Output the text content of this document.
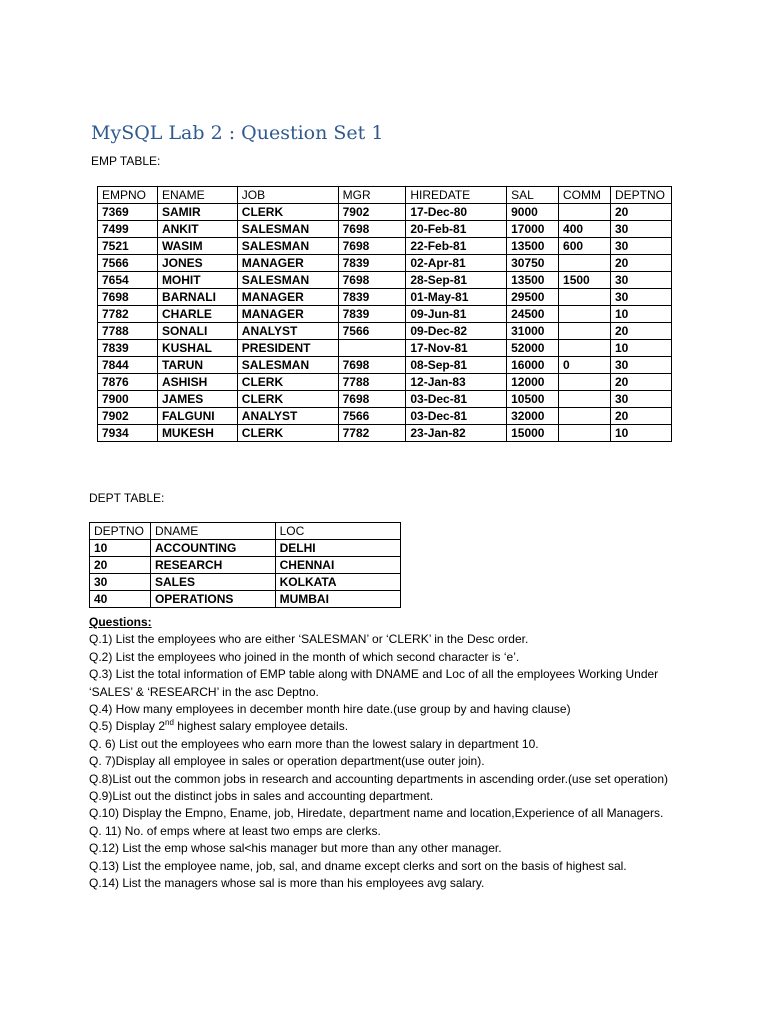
MySQL Lab 2 : Question Set 1
EMP TABLE:
EMPNO	ENAME	JOB	MGR	HIREDATE	SAL	COMM	DEPTNO
7369	SAMIR	CLERK	7902	17-Dec-80	9000		20
7499	ANKIT	SALESMAN	7698	20-Feb-81	17000	400	30
7521	WASIM	SALESMAN	7698	22-Feb-81	13500	600	30
7566	JONES	MANAGER	7839	02-Apr-81	30750		20
7654	MOHIT	SALESMAN	7698	28-Sep-81	13500	1500	30
7698	BARNALI	MANAGER	7839	01-May-81	29500		30
7782	CHARLE	MANAGER	7839	09-Jun-81	24500		10
7788	SONALI	ANALYST	7566	09-Dec-82	31000		20
7839	KUSHAL	PRESIDENT		17-Nov-81	52000		10
7844	TARUN	SALESMAN	7698	08-Sep-81	16000	0	30
7876	ASHISH	CLERK	7788	12-Jan-83	12000		20
7900	JAMES	CLERK	7698	03-Dec-81	10500		30
7902	FALGUNI	ANALYST	7566	03-Dec-81	32000		20
7934	MUKESH	CLERK	7782	23-Jan-82	15000		10
DEPT TABLE:
DEPTNO	DNAME	LOC
10	ACCOUNTING	DELHI
20	RESEARCH	CHENNAI
30	SALES	KOLKATA
40	OPERATIONS	MUMBAI
Questions:

Q.1) List the employees who are either ‘SALESMAN’ or ‘CLERK’ in the Desc order.

Q.2) List the employees who joined in the month of which second character is ‘e’.

Q.3) List the total information of EMP table along with DNAME and Loc of all the employees Working Under ‘SALES’ & ‘RESEARCH’ in the asc Deptno.

Q.4) How many employees in december month hire date.(use group by and having clause)

Q.5) Display 2nd highest salary employee details.

Q. 6) List out the employees who earn more than the lowest salary in department 10.

Q. 7)Display all employee in sales or operation department(use outer join).

Q.8)List out the common jobs in research and accounting departments in ascending order.(use set operation)

Q.9)List out the distinct jobs in sales and accounting department.

Q.10) Display the Empno, Ename, job, Hiredate, department name and location,Experience of all Managers.

Q. 11) No. of emps where at least two emps are clerks.

Q.12) List the emp whose sal<his manager but more than any other manager.

Q.13) List the employee name, job, sal, and dname except clerks and sort on the basis of highest sal.

Q.14) List the managers whose sal is more than his employees avg salary.
